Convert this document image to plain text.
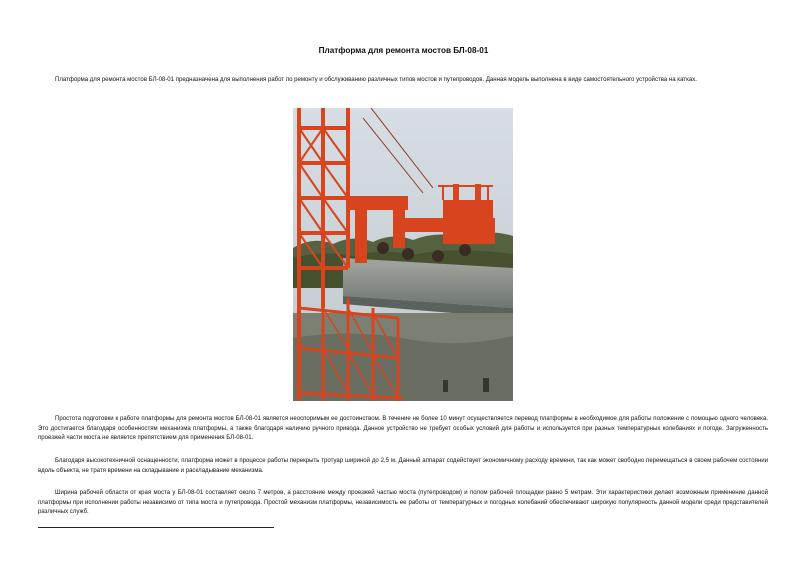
Платформа для ремонта мостов БЛ-08-01

Платформа для ремонта мостов БЛ-08-01 предназначена для выполнения работ по ремонту и обслуживанию различных типов мостов и путепроводов. Данная модель выполнена в виде самостоятельного устройства на катках.

Простота подготовки к работе платформы для ремонта мостов БЛ-08-01 является неоспоримым ее достоинством. В течение не более 10 минут осуществляется перевод платформы в необходимое для работы положение с помощью одного человека. Это достигается благодаря особенностям механизма платформы, а также благодаря наличию ручного привода. Данное устройство не требует особых условий для работы и используется при разных температурных колебаниях и погоде. Загруженность проезжей части моста не является препятствием для применения БЛ-08-01.

Благодаря высокотехничной оснащенности, платформа может в процессе работы перекрыть тротуар шириной до 2,5 м. Данный аппарат содействует экономичному расходу времени, так как может свободно перемещаться в своем рабочем состоянии вдоль объекта, не тратя времени на складывание и раскладывание механизма.

Ширина рабочей области от края моста у БЛ-08-01 составляет около 7 метров, а расстояние между проезжей частью моста (путепроводом) и полом рабочей площадки равно 5 метрам. Эти характеристики делает возможным применение данной платформы при исполнении работы независимо от типа моста и путепровода. Простой механизм платформы, независимость ее работы от температурных и погодных колебаний обеспечивают широкую популярность данной модели среди представителей различных служб.
